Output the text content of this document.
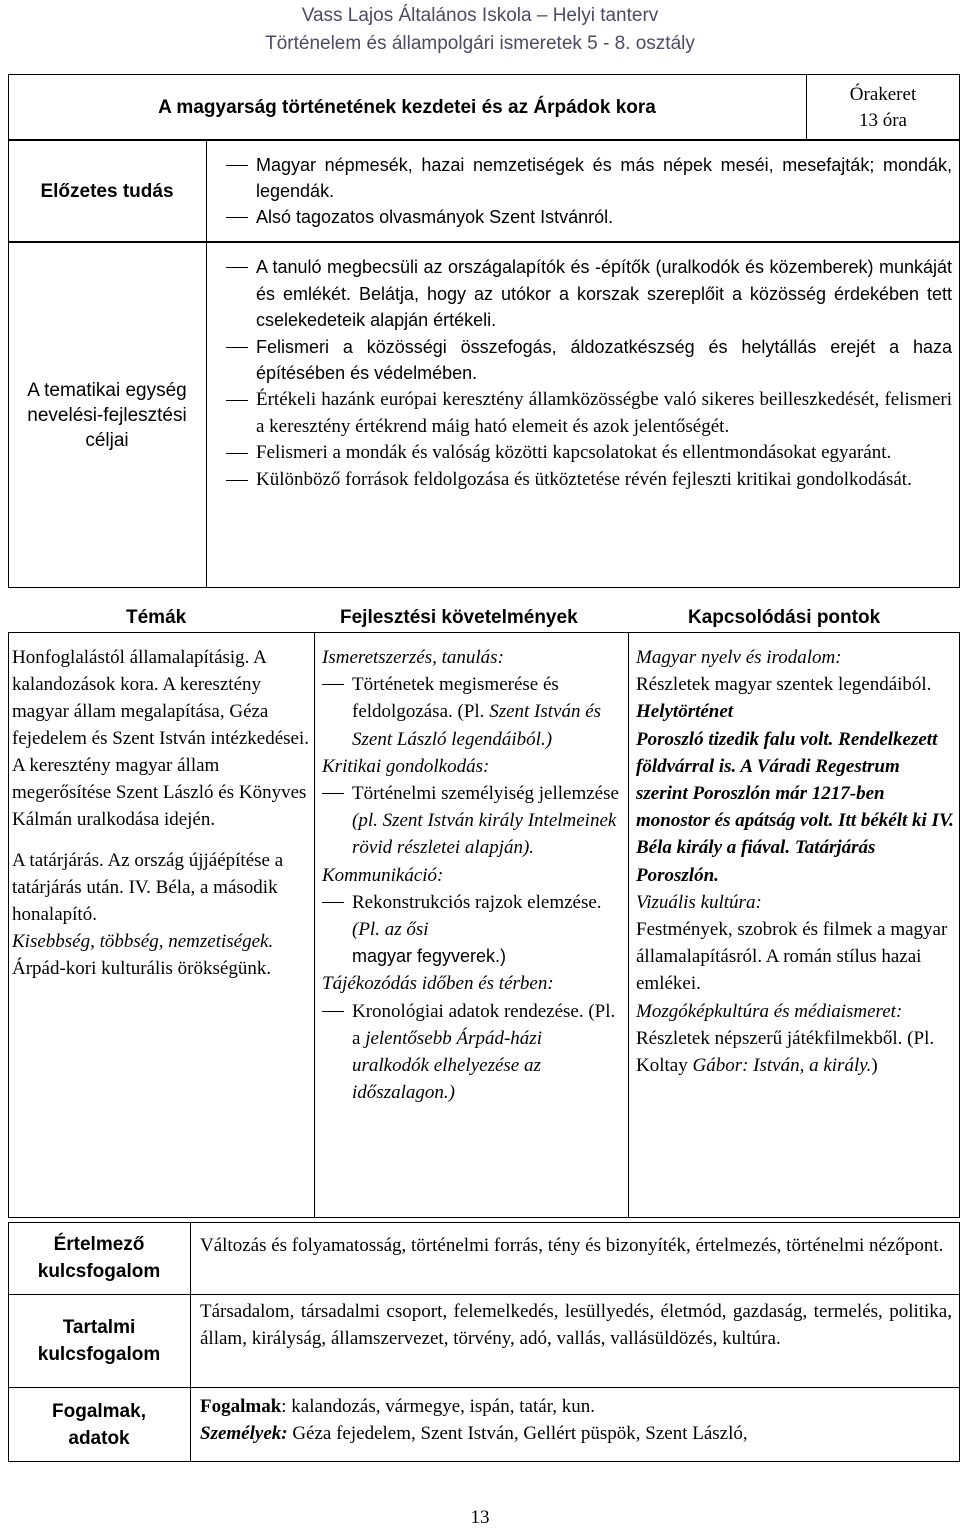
Vass Lajos Általános Iskola – Helyi tanterv
Történelem és állampolgári ismeretek 5 - 8. osztály
A magyarság történetének kezdetei és az Árpádok kora
Órakeret
13 óra
Előzetes tudás
Magyar népmesék, hazai nemzetiségek és más népek meséi, mesefajták; mondák, legendák.
Alsó tagozatos olvasmányok Szent Istvánról.
A tematikai egység nevelési-fejlesztési céljai
A tanuló megbecsüli az országalapítók és -építők (uralkodók és közemberek) munkáját és emlékét. Belátja, hogy az utókor a korszak szereplőit a közösség érdekében tett cselekedeteik alapján értékeli.
Felismeri a közösségi összefogás, áldozatkészség és helytállás erejét a haza építésében és védelmében.
Értékeli hazánk európai keresztény államközösségbe való sikeres beilleszkedését, felismeri a keresztény értékrend máig ható elemeit és azok jelentőségét.
Felismeri a mondák és valóság közötti kapcsolatokat és ellentmondásokat egyaránt.
Különböző források feldolgozása és ütköztetése révén fejleszti kritikai gondolkodását.
Témák	Fejlesztési követelmények	Kapcsolódási pontok

Honfoglalástól államalapításig. A kalandozások kora. A keresztény magyar állam megalapítása, Géza fejedelem és Szent István intézkedései. A keresztény magyar állam megerősítése Szent László és Könyves Kálmán uralkodása idején.

A tatárjárás. Az ország újjáépítése a tatárjárás után. IV. Béla, a második honalapító.

Kisebbség, többség, nemzetiségek.

Árpád-kori kulturális örökségünk.

Ismeretszerzés, tanulás:

Történetek megismerése és feldolgozása. (Pl. Szent István és Szent László legendáiból.)

Kritikai gondolkodás:

Történelmi személyiség jellemzése (pl. Szent István király Intelmeinek rövid részletei alapján).

Kommunikáció:

Rekonstrukciós rajzok elemzése. (Pl. az ősi
magyar fegyverek.)

Tájékozódás időben és térben:

Kronológiai adatok rendezése. (Pl. a jelentősebb Árpád-házi uralkodók elhelyezése az időszalagon.)

Magyar nyelv és irodalom:

Részletek magyar szentek legendáiból.

Helytörténet

Poroszló tizedik falu volt. Rendelkezett földvárral is. A Váradi Regestrum szerint Poroszlón már 1217-ben monostor és apátság volt. Itt békélt ki IV. Béla király a fiával. Tatárjárás Poroszlón.

Vizuális kultúra:

Festmények, szobrok és filmek a magyar államalapításról. A román stílus hazai emlékei.

Mozgóképkultúra és médiaismeret:

Részletek népszerű játékfilmekből. (Pl. Koltay Gábor: István, a király.)

Értelmező kulcsfogalom
Változás és folyamatosság, történelmi forrás, tény és bizonyíték, értelmezés, történelmi nézőpont.
Tartalmi kulcsfogalom
Társadalom, társadalmi csoport, felemelkedés, lesüllyedés, életmód, gazdaság, termelés, politika, állam, királyság, államszervezet, törvény, adó, vallás, vallásüldözés, kultúra.
Fogalmak, adatok

Fogalmak: kalandozás, vármegye, ispán, tatár, kun.

Személyek: Géza fejedelem, Szent István, Gellért püspök, Szent László,

13
